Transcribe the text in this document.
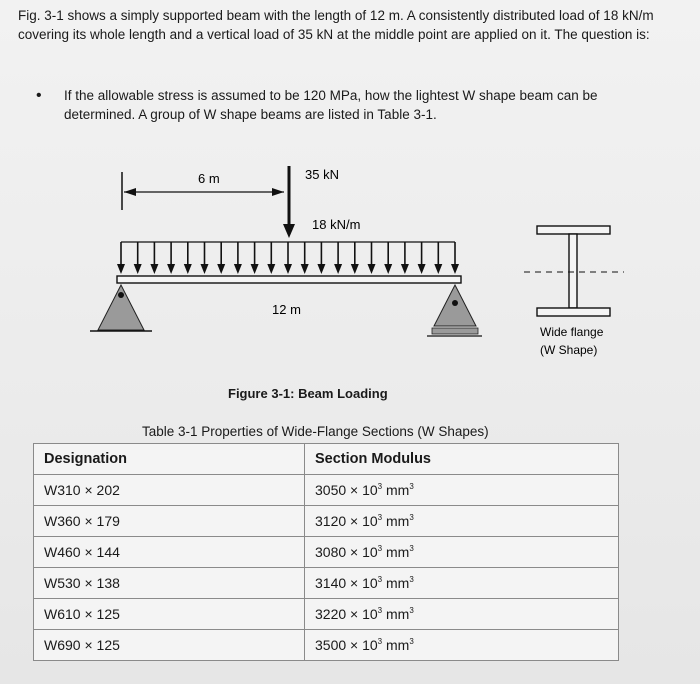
Fig. 3-1 shows a simply supported beam with the length of 12 m. A consistently distributed load of 18 kN/m covering its whole length and a vertical load of 35 kN at the middle point are applied on it. The question is:
• If the allowable stress is assumed to be 120 MPa, how the lightest W shape beam can be determined. A group of W shape beams are listed in Table 3-1.
6 m	35 kN
18 kN/m
12 m
Wide flange
(W Shape)
Figure 3-1: Beam Loading
Table 3-1 Properties of Wide-Flange Sections (W Shapes)
Designation	Section Modulus
W310 × 202	$3050 \times 10^3$ $mm^3$
W360 × 179	$3120 \times 10^3$ $mm^3$
W460 × 144	$3080 \times 10^3$ $mm^3$
W530 × 138	$3140 \times 10^3$ $mm^3$
W610 × 125	$3220 \times 10^3$ $mm^3$
W690 × 125	$3500 \times 10^3$ $mm^3$
